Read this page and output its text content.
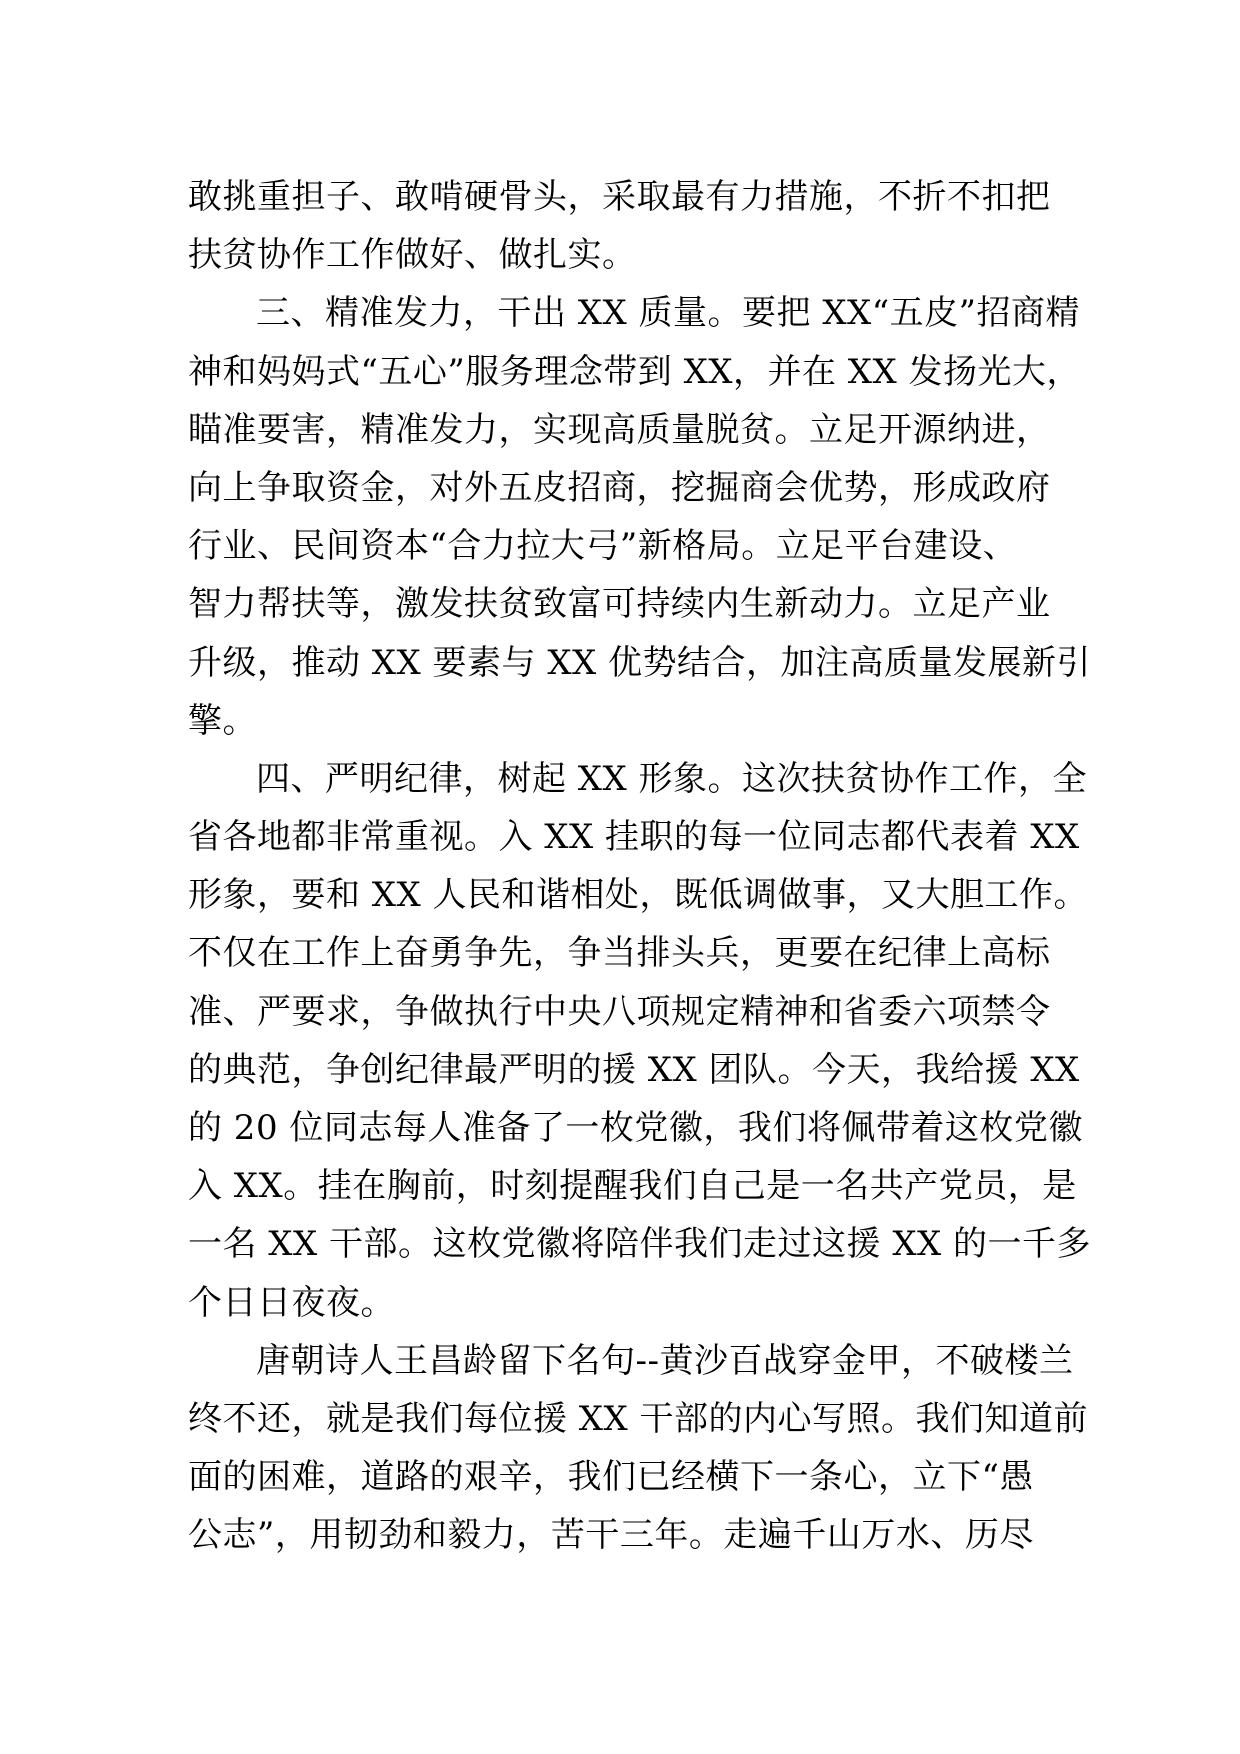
敢挑重担子、敢啃硬骨头，采取最有力措施，不折不扣把
扶贫协作工作做好、做扎实。
三、精准发力，干出 XX 质量。要把 XX“五皮”招商精
神和妈妈式“五心”服务理念带到 XX，并在 XX 发扬光大，
瞄准要害，精准发力，实现高质量脱贫。立足开源纳进，
向上争取资金，对外五皮招商，挖掘商会优势，形成政府
行业、民间资本“合力拉大弓”新格局。立足平台建设、
智力帮扶等，激发扶贫致富可持续内生新动力。立足产业
升级，推动 XX 要素与 XX 优势结合，加注高质量发展新引
擎。
四、严明纪律，树起 XX 形象。这次扶贫协作工作，全
省各地都非常重视。入 XX 挂职的每一位同志都代表着 XX
形象，要和 XX 人民和谐相处，既低调做事，又大胆工作。
不仅在工作上奋勇争先，争当排头兵，更要在纪律上高标
准、严要求，争做执行中央八项规定精神和省委六项禁令
的典范，争创纪律最严明的援 XX 团队。今天，我给援 XX
的 20 位同志每人准备了一枚党徽，我们将佩带着这枚党徽
入 XX。挂在胸前，时刻提醒我们自己是一名共产党员，是
一名 XX 干部。这枚党徽将陪伴我们走过这援 XX 的一千多
个日日夜夜。
唐朝诗人王昌龄留下名句--黄沙百战穿金甲，不破楼兰
终不还，就是我们每位援 XX 干部的内心写照。我们知道前
面的困难，道路的艰辛，我们已经横下一条心，立下“愚
公志”，用韧劲和毅力，苦干三年。走遍千山万水、历尽
